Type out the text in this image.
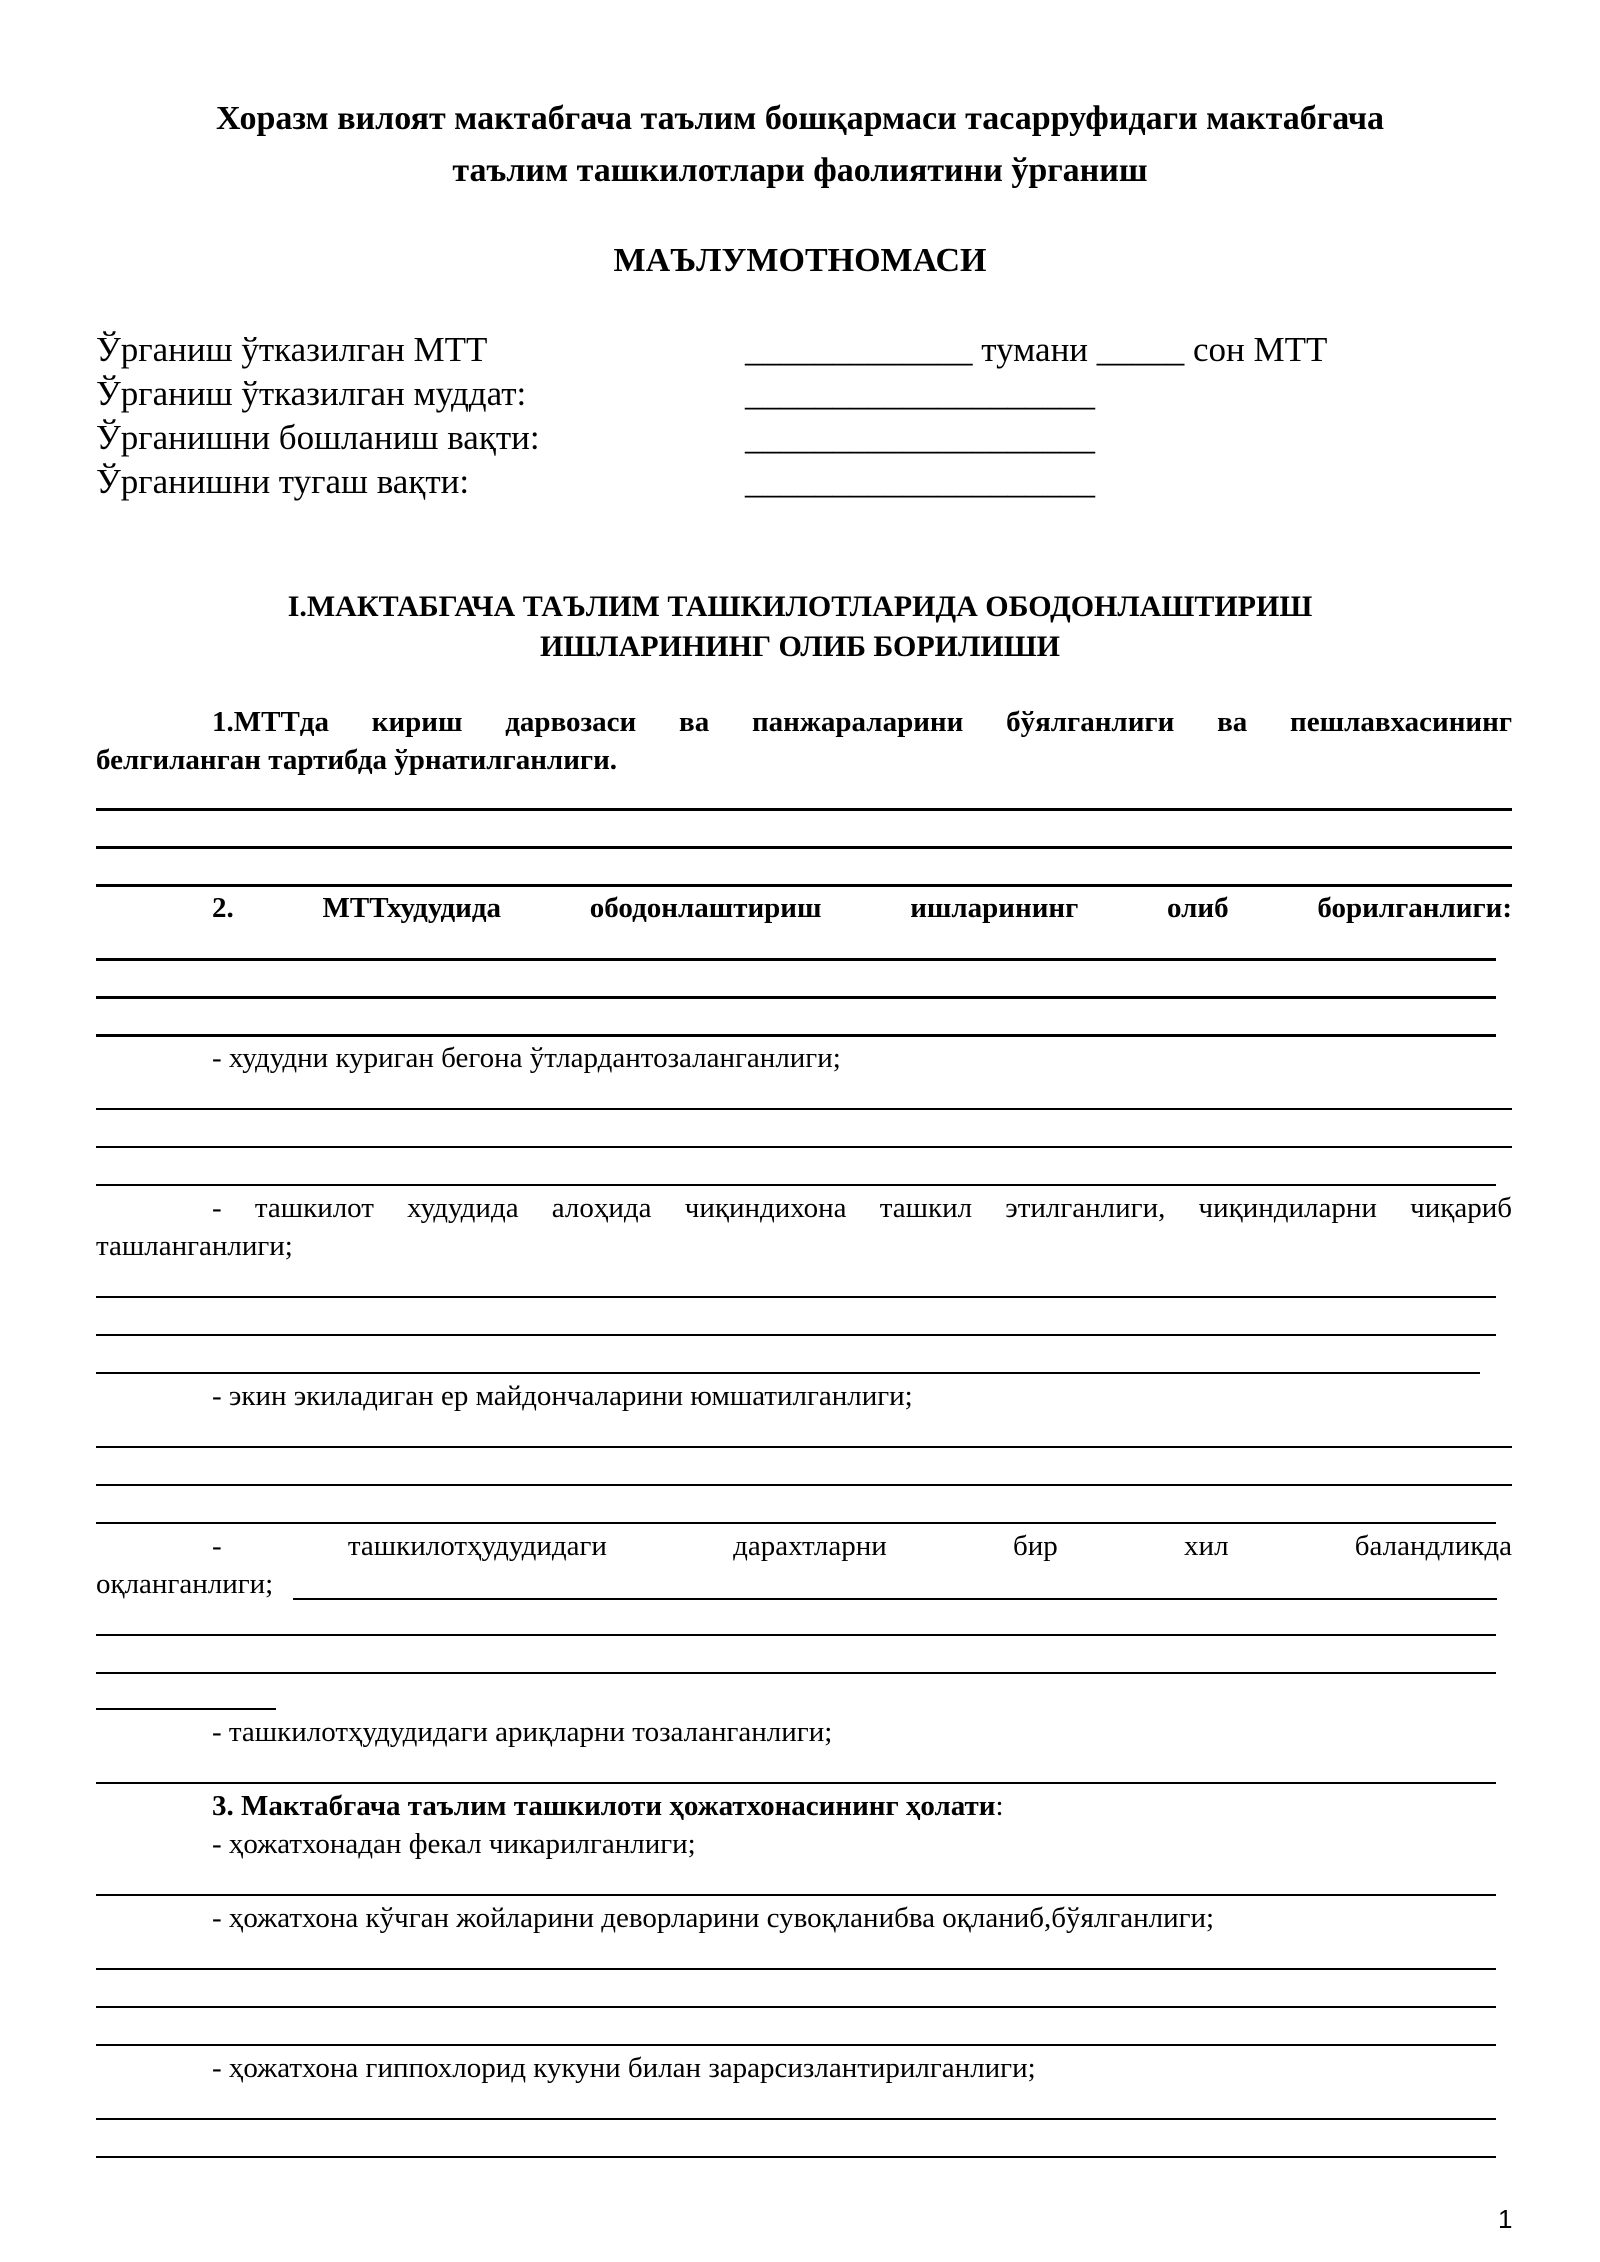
Хоразм вилоят мактабгача таълим бошқармаси тасарруфидаги мактабгача
таълим ташкилотлари фаолиятини ўрганиш
МАЪЛУМОТНОМАСИ
Ўрганиш ўтказилган МТТ	_____________ тумани _____ сон МТТ
Ўрганиш ўтказилган муддат:	____________________
Ўрганишни бошланиш вақти:	____________________
Ўрганишни тугаш вақти:	____________________
I.МАКТАБГАЧА ТАЪЛИМ ТАШКИЛОТЛАРИДА ОБОДОНЛАШТИРИШ
ИШЛАРИНИНГ ОЛИБ БОРИЛИШИ
1.МТТда кириш дарвозаси ва панжараларини бўялганлиги ва пешлавхасининг
белгиланган тартибда ўрнатилганлиги.
2. МТТхудудида ободонлаштириш ишларининг олиб борилганлиги:
- худудни куриган бегона ўтлардантозаланганлиги;
- ташкилот худудида алоҳида чиқиндихона ташкил этилганлиги, чиқиндиларни чиқариб
ташланганлиги;
- экин экиладиган ер майдончаларини юмшатилганлиги;
- ташкилотҳудудидаги дарахтларни бир хил баландликда
оқланганлиги;
- ташкилотҳудудидаги ариқларни тозаланганлиги;
3. Мактабгача таълим ташкилоти ҳожатхонасининг ҳолати:
- ҳожатхонадан фекал чикарилганлиги;
- ҳожатхона кўчган жойларини деворларини сувоқланибва оқланиб,бўялганлиги;
- ҳожатхона гиппохлорид кукуни билан зарарсизлантирилганлиги;
1
